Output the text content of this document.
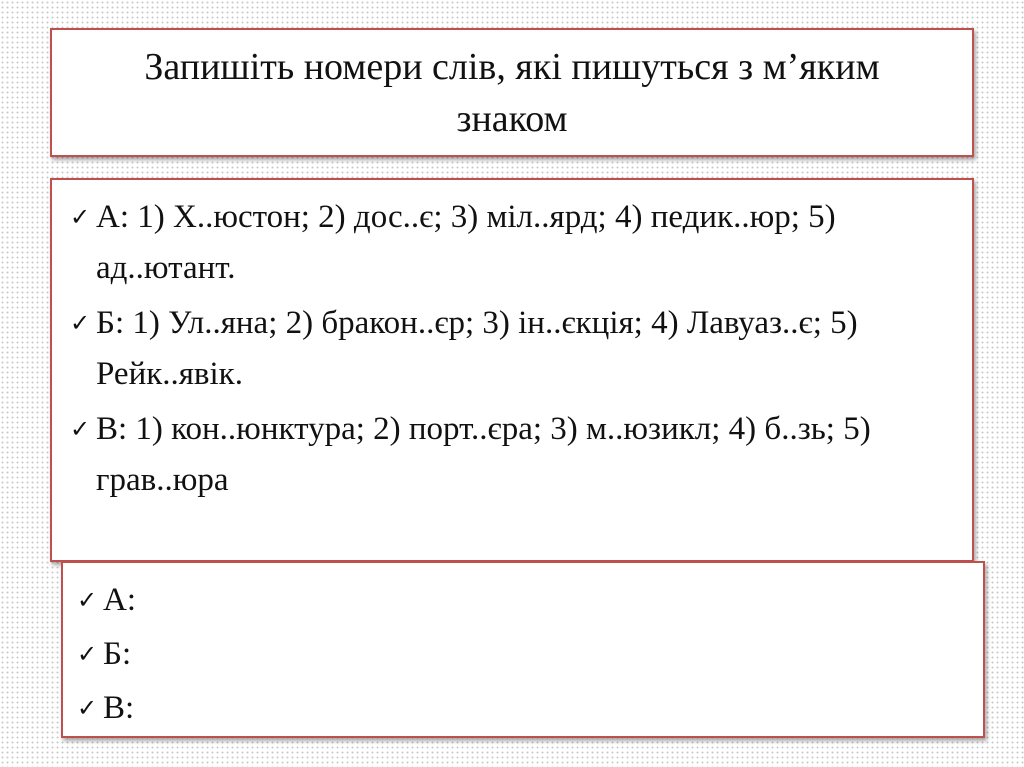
Запишіть номери слів, які пишуться з м’яким знаком
✓ А: 1) Х..юстон; 2) дос..є; 3) міл..ярд; 4) педик..юр; 5) ад..ютант.
✓ Б: 1) Ул..яна; 2) бракон..єр; 3) ін..єкція; 4) Лавуаз..є; 5) Рейк..явік.
✓ В: 1) кон..юнктура; 2) порт..єра; 3) м..юзикл; 4) б..зь; 5) грав..юра
✓ А:
✓ Б:
✓ В:
